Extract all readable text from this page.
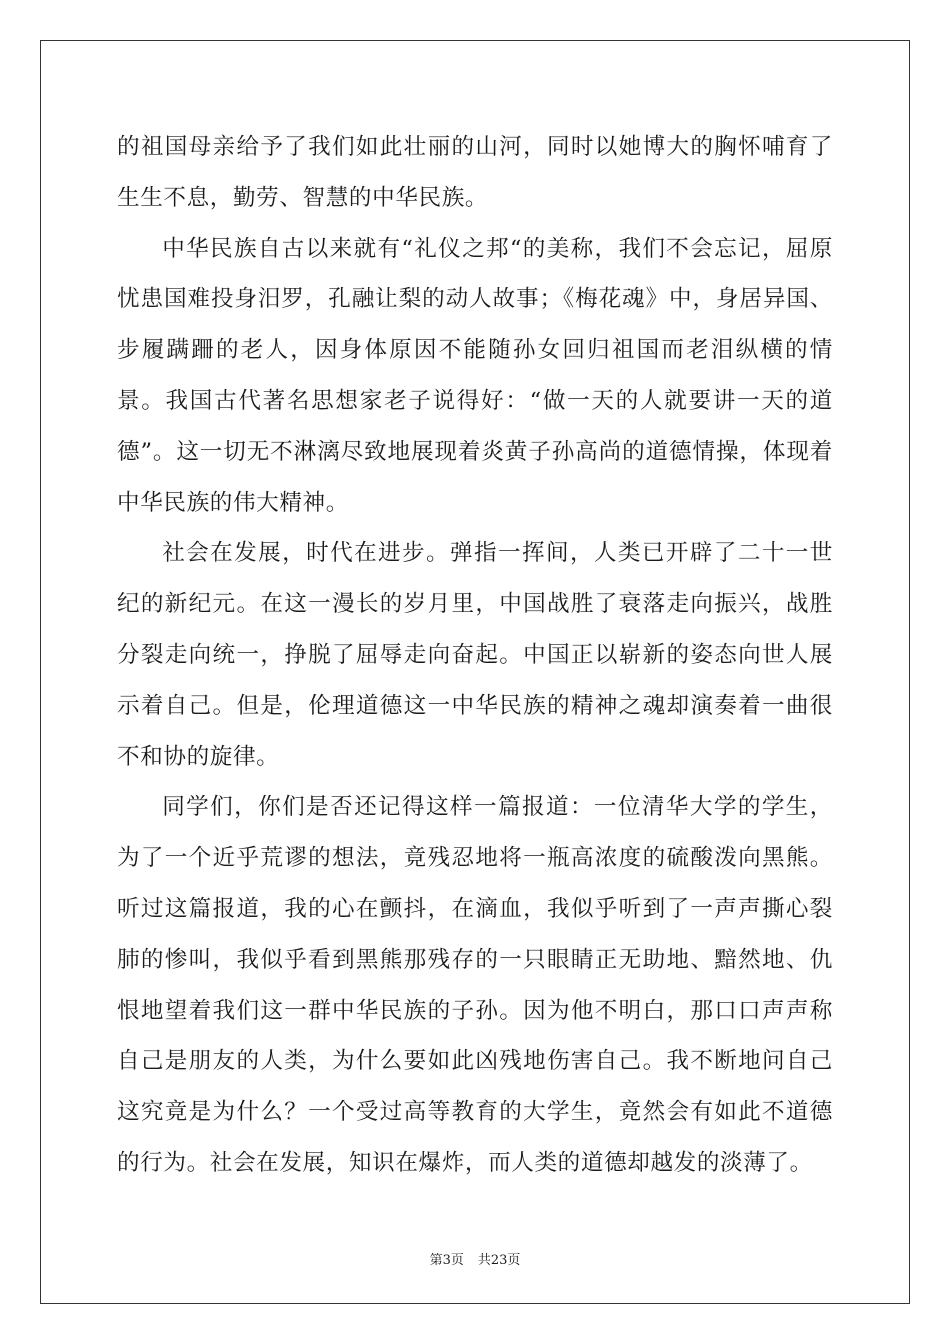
的祖国母亲给予了我们如此壮丽的山河，同时以她博大的胸怀哺育了生生不息，勤劳、智慧的中华民族。

中华民族自古以来就有“礼仪之邦“的美称，我们不会忘记，屈原忧患国难投身汨罗，孔融让梨的动人故事；《梅花魂》中，身居异国、步履蹒跚的老人，因身体原因不能随孙女回归祖国而老泪纵横的情景。我国古代著名思想家老子说得好：“做一天的人就要讲一天的道德”。这一切无不淋漓尽致地展现着炎黄子孙高尚的道德情操，体现着中华民族的伟大精神。

社会在发展，时代在进步。弹指一挥间，人类已开辟了二十一世纪的新纪元。在这一漫长的岁月里，中国战胜了衰落走向振兴，战胜分裂走向统一，挣脱了屈辱走向奋起。中国正以崭新的姿态向世人展示着自己。但是，伦理道德这一中华民族的精神之魂却演奏着一曲很不和协的旋律。

同学们，你们是否还记得这样一篇报道：一位清华大学的学生，为了一个近乎荒谬的想法，竟残忍地将一瓶高浓度的硫酸泼向黑熊。听过这篇报道，我的心在颤抖，在滴血，我似乎听到了一声声撕心裂肺的惨叫，我似乎看到黑熊那残存的一只眼睛正无助地、黯然地、仇恨地望着我们这一群中华民族的子孙。因为他不明白，那口口声声称自己是朋友的人类，为什么要如此凶残地伤害自己。我不断地问自己这究竟是为什么？一个受过高等教育的大学生，竟然会有如此不道德的行为。社会在发展，知识在爆炸，而人类的道德却越发的淡薄了。

第3页 共23页
